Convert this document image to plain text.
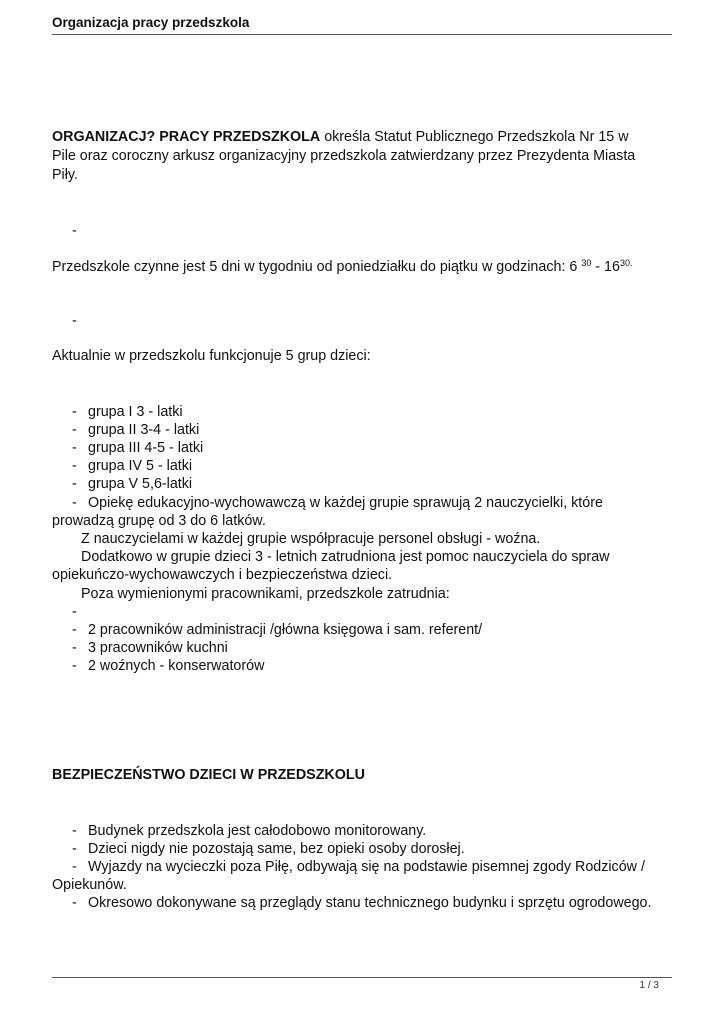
Organizacja pracy przedszkola
ORGANIZACJ? PRACY PRZEDSZKOLA określa Statut Publicznego Przedszkola Nr 15 w
Pile oraz coroczny arkusz organizacyjny przedszkola zatwierdzany przez Prezydenta Miasta
Piły.
-
Przedszkole czynne jest 5 dni w tygodniu od poniedziałku do piątku w godzinach: 6 $^{30} - 16^{30.}$
-
Aktualnie w przedszkolu funkcjonuje 5 grup dzieci:
- grupa I 3 - latki
- grupa II 3-4 - latki
- grupa III 4-5 - latki
- grupa IV 5 - latki
- grupa V 5,6-latki
- Opiekę edukacyjno-wychowawczą w każdej grupie sprawują 2 nauczycielki, które
prowadzą grupę od 3 do 6 latków.
Z nauczycielami w każdej grupie współpracuje personel obsługi - woźna.
Dodatkowo w grupie dzieci 3 - letnich zatrudniona jest pomoc nauczyciela do spraw
opiekuńczo-wychowawczych i bezpieczeństwa dzieci.
Poza wymienionymi pracownikami, przedszkole zatrudnia:
-
- 2 pracowników administracji /główna księgowa i sam. referent/
- 3 pracowników kuchni
- 2 woźnych - konserwatorów
BEZPIECZEŃSTWO DZIECI W PRZEDSZKOLU
- Budynek przedszkola jest całodobowo monitorowany.
- Dzieci nigdy nie pozostają same, bez opieki osoby dorosłej.
- Wyjazdy na wycieczki poza Piłę, odbywają się na podstawie pisemnej zgody Rodziców /
Opiekunów.
- Okresowo dokonywane są przeglądy stanu technicznego budynku i sprzętu ogrodowego.
1 / 3
